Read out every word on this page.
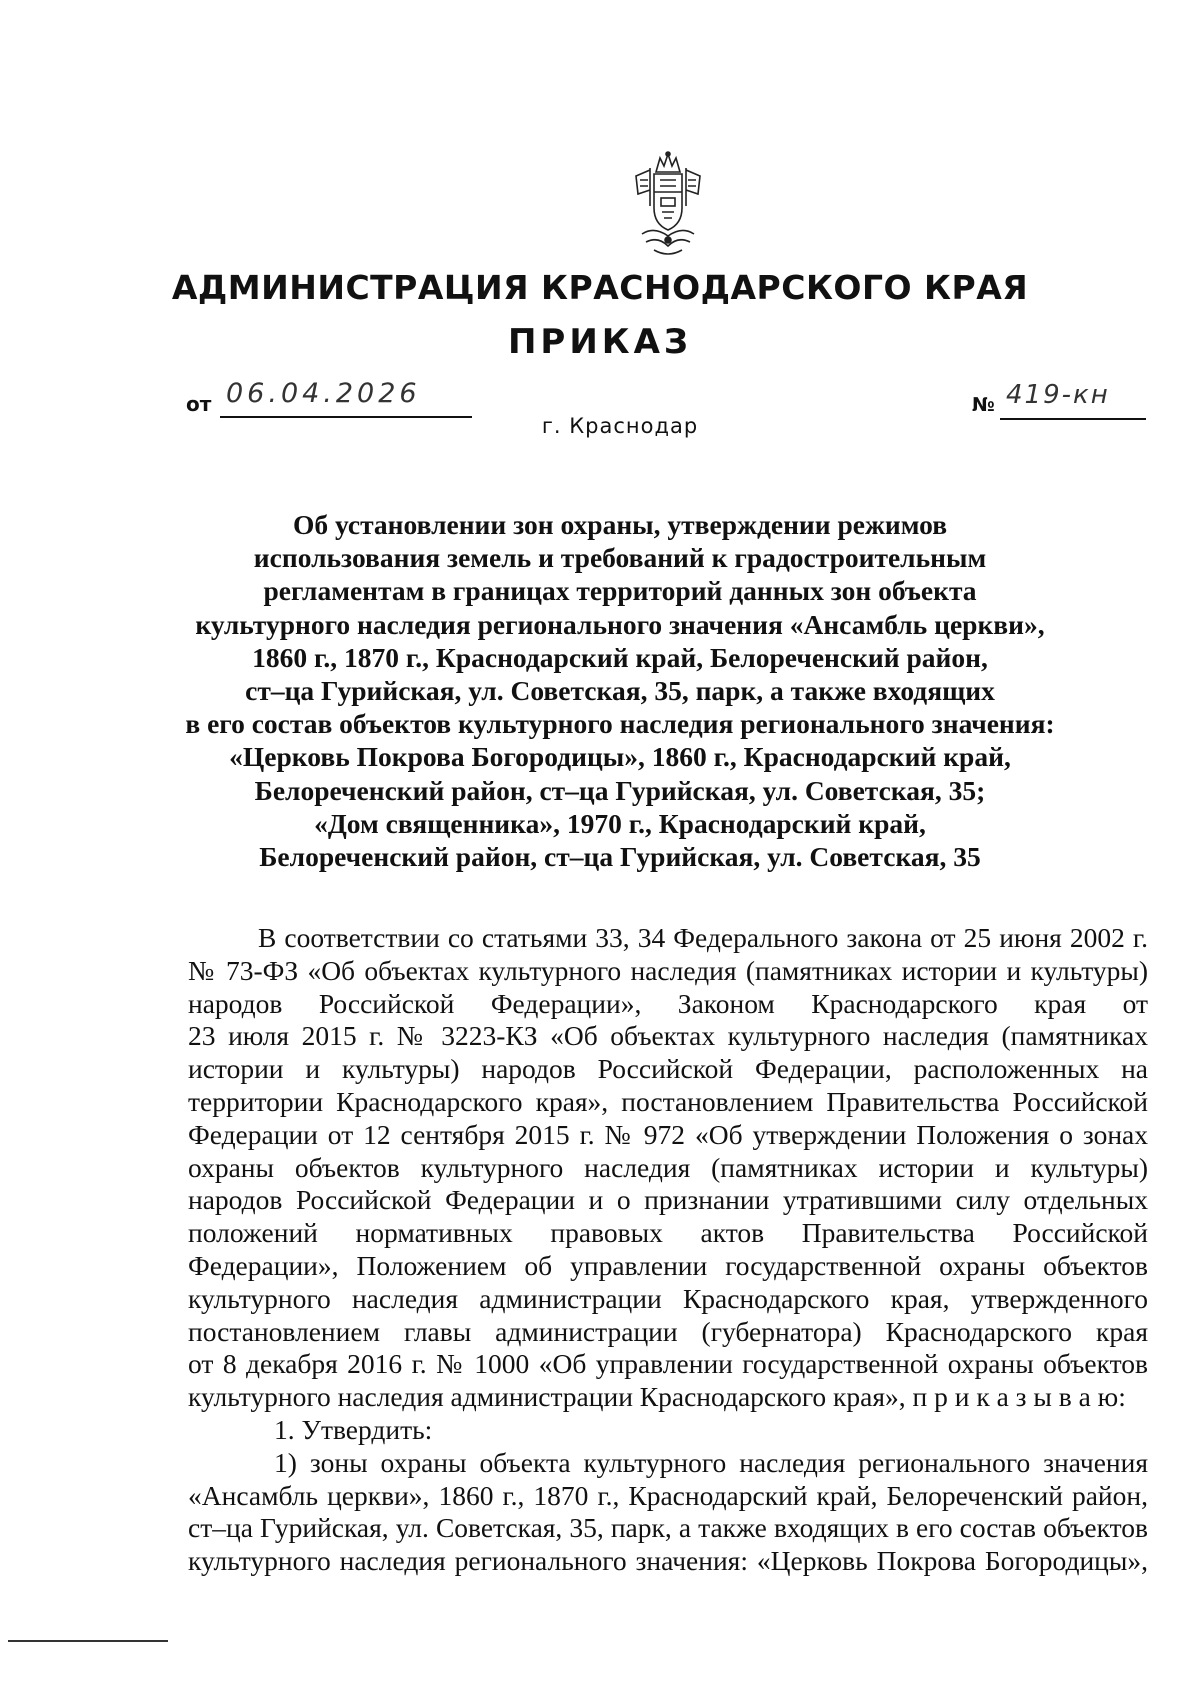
АДМИНИСТРАЦИЯ КРАСНОДАРСКОГО КРАЯ
ПРИКАЗ
от 06.04.2026	№ 419-кн
г. Краснодар
Об установлении зон охраны, утверждении режимов
использования земель и требований к градостроительным
регламентам в границах территорий данных зон объекта
культурного наследия регионального значения «Ансамбль церкви»,
1860 г., 1870 г., Краснодарский край, Белореченский район,
ст–ца Гурийская, ул. Советская, 35, парк, а также входящих
в его состав объектов культурного наследия регионального значения:
«Церковь Покрова Богородицы», 1860 г., Краснодарский край,
Белореченский район, ст–ца Гурийская, ул. Советская, 35;
«Дом священника», 1970 г., Краснодарский край,
Белореченский район, ст–ца Гурийская, ул. Советская, 35
В соответствии со статьями 33, 34 Федерального закона от 25 июня 2002 г.
№ 73-ФЗ «Об объектах культурного наследия (памятниках истории и культуры)
народов Российской Федерации», Законом Краснодарского края от
23 июля 2015 г. № 3223-КЗ «Об объектах культурного наследия (памятниках
истории и культуры) народов Российской Федерации, расположенных на
территории Краснодарского края», постановлением Правительства Российской
Федерации от 12 сентября 2015 г. № 972 «Об утверждении Положения о зонах
охраны объектов культурного наследия (памятниках истории и культуры)
народов Российской Федерации и о признании утратившими силу отдельных
положений нормативных правовых актов Правительства Российской
Федерации», Положением об управлении государственной охраны объектов
культурного наследия администрации Краснодарского края, утвержденного
постановлением главы администрации (губернатора) Краснодарского края
от 8 декабря 2016 г. № 1000 «Об управлении государственной охраны объектов
культурного наследия администрации Краснодарского края», п р и к а з ы в а ю:
1. Утвердить:
1) зоны охраны объекта культурного наследия регионального значения
«Ансамбль церкви», 1860 г., 1870 г., Краснодарский край, Белореченский район,
ст–ца Гурийская, ул. Советская, 35, парк, а также входящих в его состав объектов
культурного наследия регионального значения: «Церковь Покрова Богородицы»,
